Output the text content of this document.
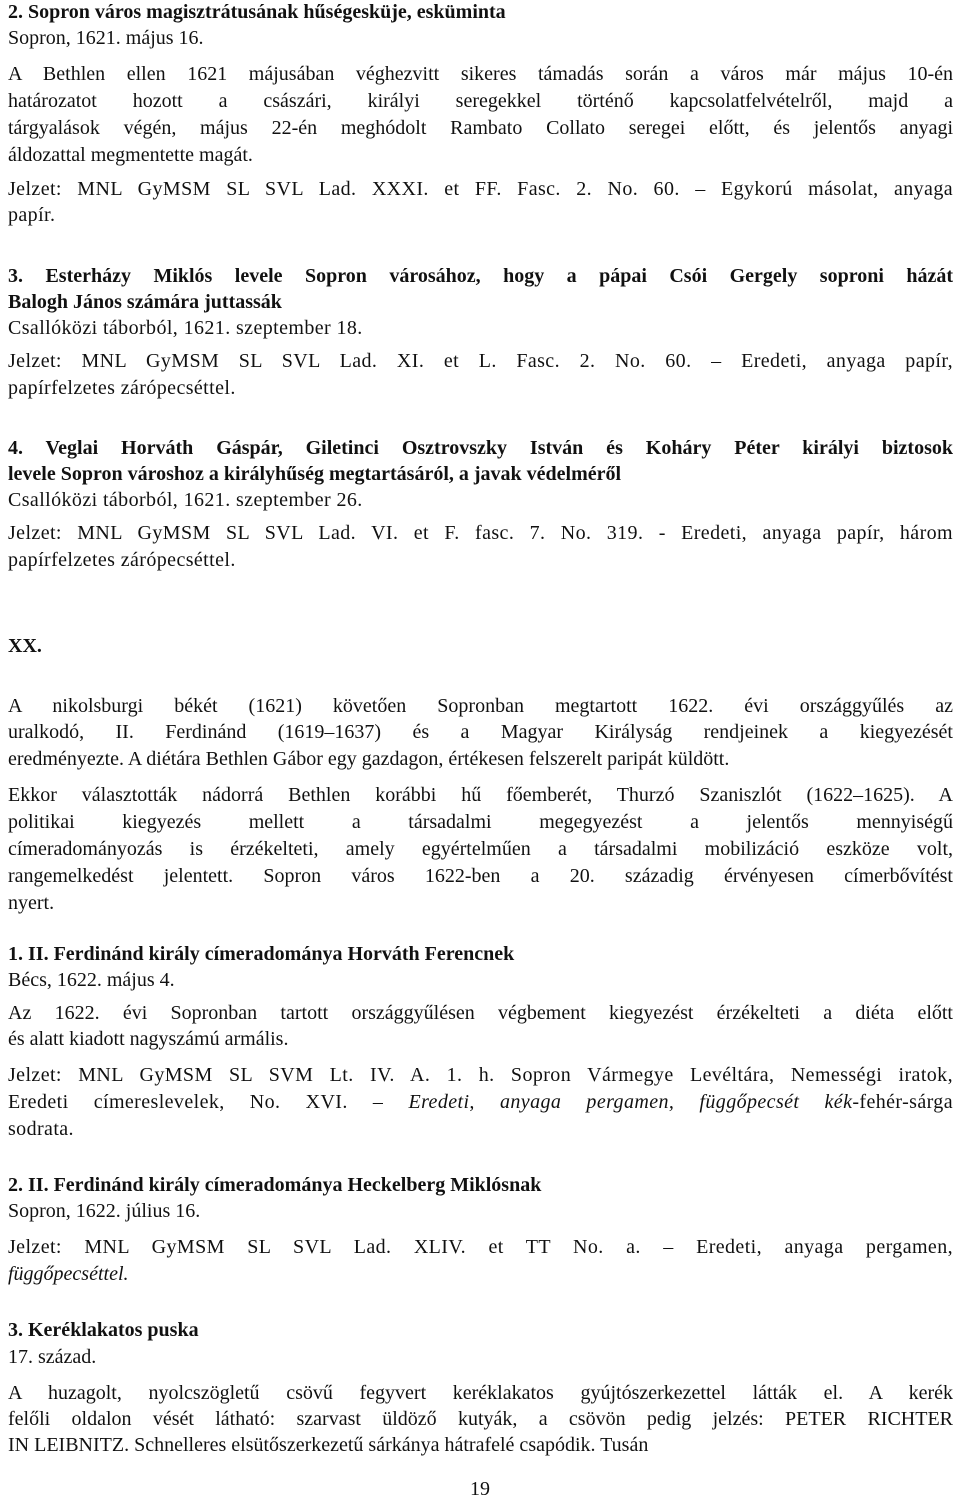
2. Sopron város magisztrátusának hűségesküje, eskümintа
Sopron, 1621. május 16.
A Bethlen ellen 1621 májusában véghezvitt sikeres támadás során a város már május 10-én
határozatot hozott a császári, királyi seregekkel történő kapcsolatfelvételről, majd a
tárgyalások végén, május 22-én meghódolt Rambato Collato seregei előtt, és jelentős anyagi
áldozattal megmentette magát.
Jelzet: MNL GyMSM SL SVL Lad. XXXI. et FF. Fasc. 2. No. 60. – Egykorú másolat, anyaga
papír.
3. Esterházy Miklós levele Sopron városához, hogy a pápai Csói Gergely soproni házát
Balogh János számára juttassák
Csallóközi táborból, 1621. szeptember 18.
Jelzet: MNL GyMSM SL SVL Lad. XI. et L. Fasc. 2. No. 60. – Eredeti, anyaga papír,
papírfelzetes zárópecséttel.
4. Veglai Horváth Gáspár, Giletinci Osztrovszky István és Koháry Péter királyi biztosok
levele Sopron városhoz a királyhűség megtartásáról, a javak védelméről
Csallóközi táborból, 1621. szeptember 26.
Jelzet: MNL GyMSM SL SVL Lad. VI. et F. fasc. 7. No. 319. - Eredeti, anyaga papír, három
papírfelzetes zárópecséttel.
XX.
A nikolsburgi békét (1621) követően Sopronban megtartott 1622. évi országgyűlés az
uralkodó, II. Ferdinánd (1619–1637) és a Magyar Királyság rendjeinek a kiegyezését
eredményezte. A diétára Bethlen Gábor egy gazdagon, értékesen felszerelt paripát küldött.
Ekkor választották nádorrá Bethlen korábbi hű főemberét, Thurzó Szaniszlót (1622–1625). A
politikai kiegyezés mellett a társadalmi megegyezést a jelentős mennyiségű
címeradományozás is érzékelteti, amely egyértelműen a társadalmi mobilizáció eszköze volt,
rangemelkedést jelentett. Sopron város 1622-ben a 20. századig érvényesen címerbővítést
nyert.
1. II. Ferdinánd király címeradománya Horváth Ferencnek
Bécs, 1622. május 4.
Az 1622. évi Sopronban tartott országgyűlésen végbement kiegyezést érzékelteti a diéta előtt
és alatt kiadott nagyszámú armális.
Jelzet: MNL GyMSM SL SVM Lt. IV. A. 1. h. Sopron Vármegye Levéltára, Nemességi iratok,
Eredeti címereslevelek, No. XVI. – Eredeti, anyaga pergamen, függőpecsét kék-fehér-sárga
sodrata.
2. II. Ferdinánd király címeradománya Heckelberg Miklósnak
Sopron, 1622. július 16.
Jelzet: MNL GyMSM SL SVL Lad. XLIV. et TT No. a. – Eredeti, anyaga pergamen,
függőpecséttel.
3. Keréklakatos puska
17. század.
A huzagolt, nyolcszögletű csövű fegyvert keréklakatos gyújtószerkezettel látták el. A kerék
felőli oldalon vését látható: szarvast üldöző kutyák, a csövön pedig jelzés: PETER RICHTER
IN LEIBNITZ. Schnelleres elsütőszerkezetű sárkánya hátrafelé csapódik. Tusán
19
